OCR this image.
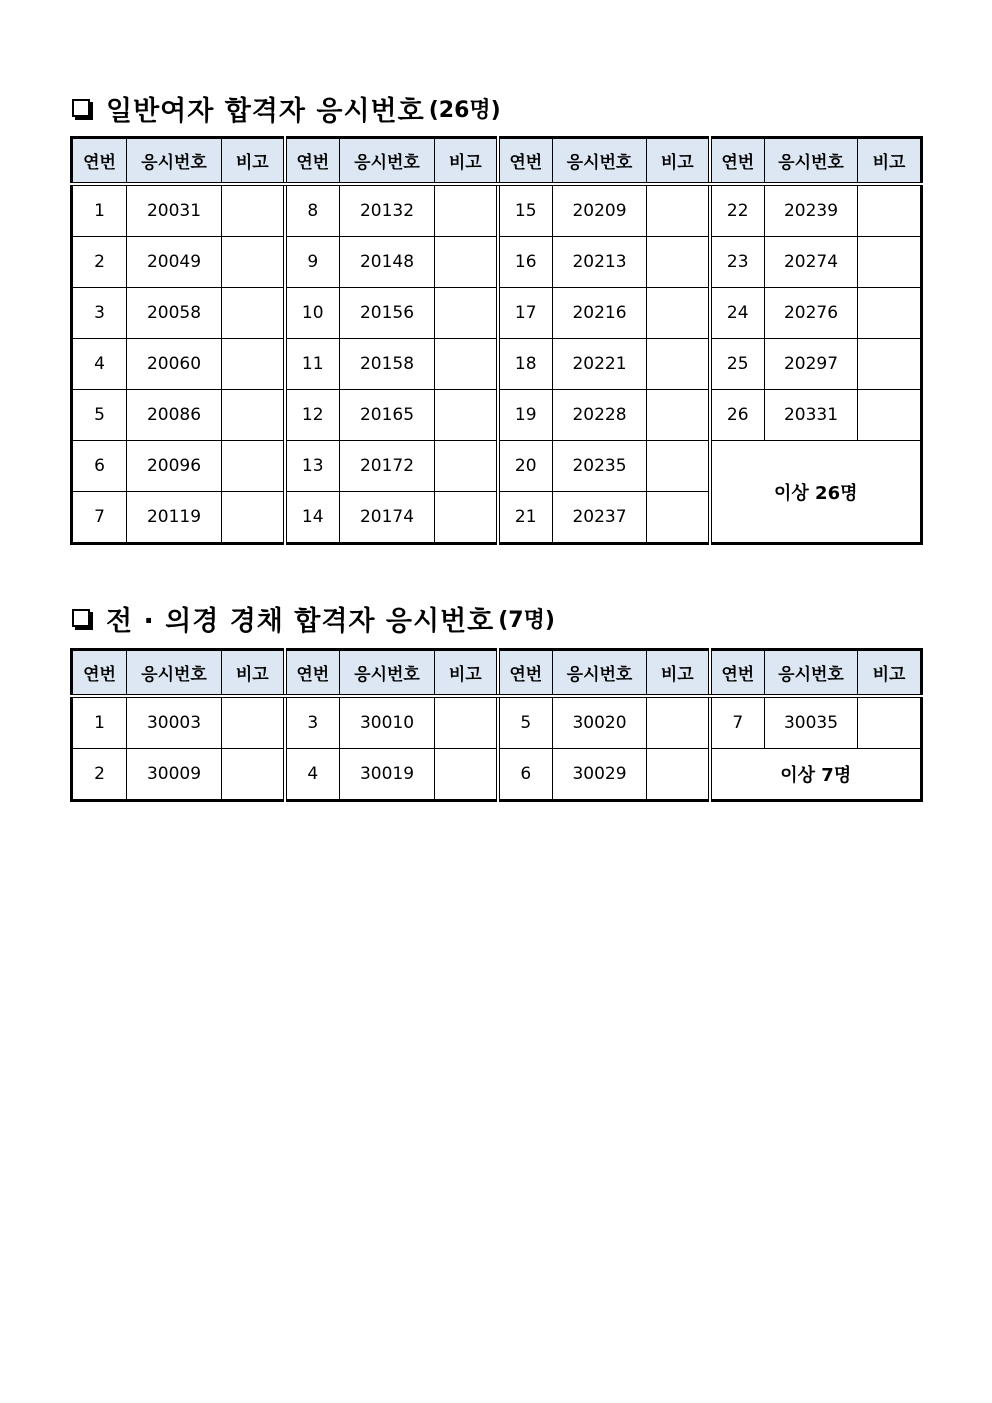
일반여자 합격자 응시번호 (26명)
연번	응시번호	비고	연번	응시번호	비고	연번	응시번호	비고	연번	응시번호	비고
1	20031		8	20132		15	20209		22	20239	
2	20049		9	20148		16	20213		23	20274	
3	20058		10	20156		17	20216		24	20276	
4	20060		11	20158		18	20221		25	20297	
5	20086		12	20165		19	20228		26	20331	
6	20096		13	20172		20	20235		이상 26명		
7	20119		14	20174		21	20237				
전 · 의경 경채 합격자 응시번호 (7명)
연번	응시번호	비고	연번	응시번호	비고	연번	응시번호	비고	연번	응시번호	비고
1	30003		3	30010		5	30020		7	30035	
2	30009		4	30019		6	30029		이상 7명		
